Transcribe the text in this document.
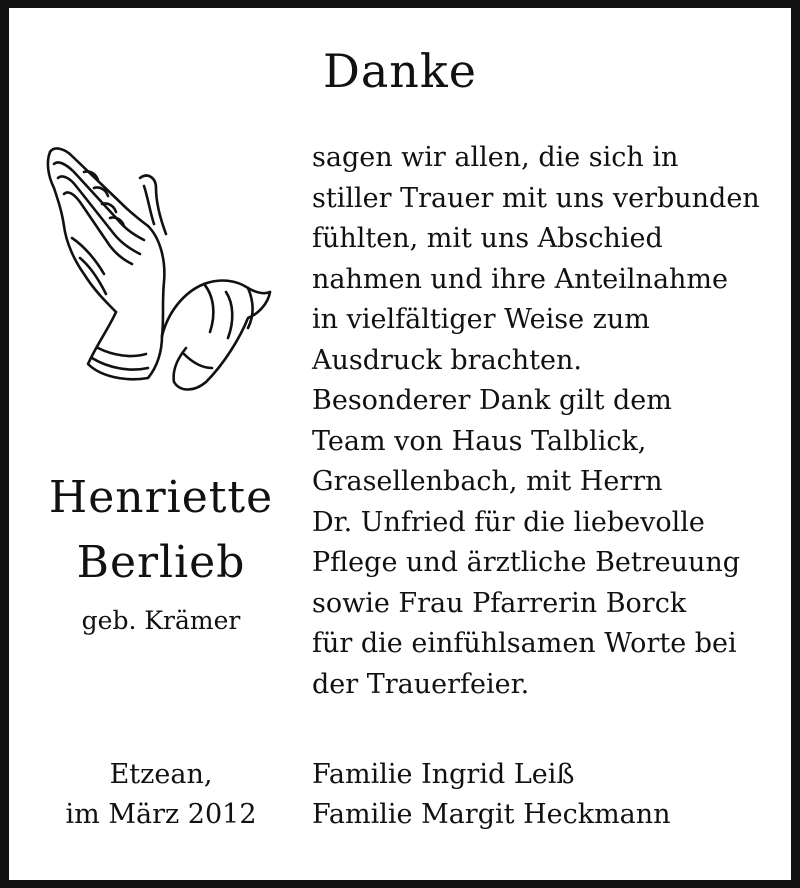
Danke
sagen wir allen, die sich in
stiller Trauer mit uns verbunden
fühlten, mit uns Abschied
nahmen und ihre Anteilnahme
in vielfältiger Weise zum
Ausdruck brachten.
Besonderer Dank gilt dem
Team von Haus Talblick,
Grasellenbach, mit Herrn
Dr. Unfried für die liebevolle
Pflege und ärztliche Betreuung
sowie Frau Pfarrerin Borck
für die einfühlsamen Worte bei
der Trauerfeier.
Henriette
Berlieb
geb. Krämer
Etzean,
im März 2012
Familie Ingrid Leiß
Familie Margit Heckmann
